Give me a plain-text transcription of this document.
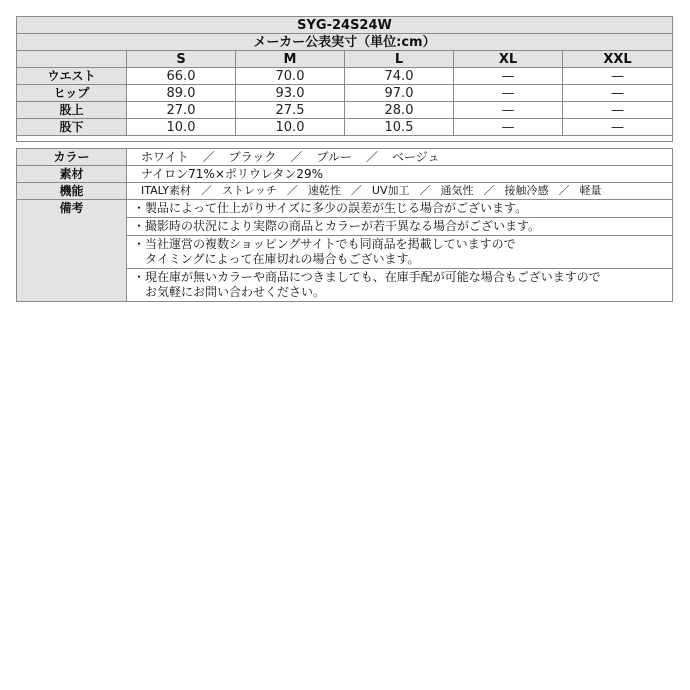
SYG-24S24W					
メーカー公表実寸（単位:cm）					
	S	M	L	XL	XXL
ウエスト	66.0	70.0	74.0	—	—
ヒップ	89.0	93.0	97.0	—	—
股上	27.0	27.5	28.0	—	—
股下	10.0	10.0	10.5	—	—

カラー	ホワイト ／ ブラック ／ ブルー ／ ベージュ
素材	ナイロン71%×ポリウレタン29%
機能	ITALY素材 ／ ストレッチ ／ 速乾性 ／ UV加工 ／ 通気性 ／ 接触冷感 ／ 軽量
備考	・製品によって仕上がりサイズに多少の誤差が生じる場合がございます。

	・撮影時の状況により実際の商品とカラーが若干異なる場合がございます。

	・当社運営の複数ショッピングサイトでも同商品を掲載していますので
　タイミングによって在庫切れの場合もございます。

	・現在庫が無いカラーや商品につきましても、在庫手配が可能な場合もございますので
　お気軽にお問い合わせください。
